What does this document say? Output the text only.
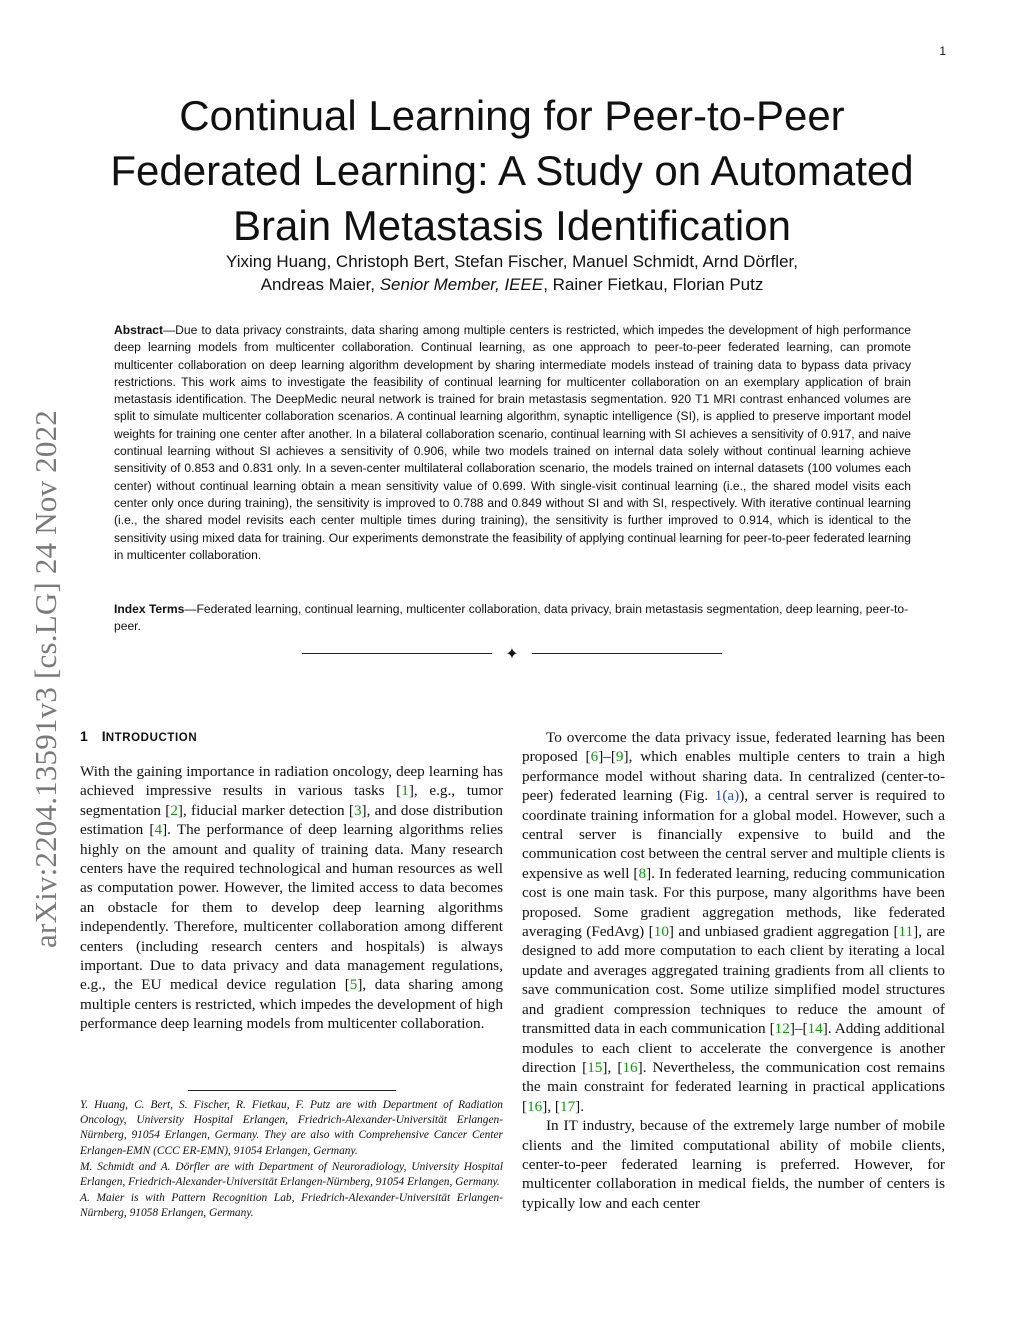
1
arXiv:2204.13591v3 [cs.LG] 24 Nov 2022
Continual Learning for Peer-to-Peer Federated Learning: A Study on Automated Brain Metastasis Identification
Yixing Huang, Christoph Bert, Stefan Fischer, Manuel Schmidt, Arnd Dörfler,
Andreas Maier, Senior Member, IEEE, Rainer Fietkau, Florian Putz
Abstract—Due to data privacy constraints, data sharing among multiple centers is restricted, which impedes the development of high performance deep learning models from multicenter collaboration. Continual learning, as one approach to peer-to-peer federated learning, can promote multicenter collaboration on deep learning algorithm development by sharing intermediate models instead of training data to bypass data privacy restrictions. This work aims to investigate the feasibility of continual learning for multicenter collaboration on an exemplary application of brain metastasis identification. The DeepMedic neural network is trained for brain metastasis segmentation. 920 T1 MRI contrast enhanced volumes are split to simulate multicenter collaboration scenarios. A continual learning algorithm, synaptic intelligence (SI), is applied to preserve important model weights for training one center after another. In a bilateral collaboration scenario, continual learning with SI achieves a sensitivity of 0.917, and naive continual learning without SI achieves a sensitivity of 0.906, while two models trained on internal data solely without continual learning achieve sensitivity of 0.853 and 0.831 only. In a seven-center multilateral collaboration scenario, the models trained on internal datasets (100 volumes each center) without continual learning obtain a mean sensitivity value of 0.699. With single-visit continual learning (i.e., the shared model visits each center only once during training), the sensitivity is improved to 0.788 and 0.849 without SI and with SI, respectively. With iterative continual learning (i.e., the shared model revisits each center multiple times during training), the sensitivity is further improved to 0.914, which is identical to the sensitivity using mixed data for training. Our experiments demonstrate the feasibility of applying continual learning for peer-to-peer federated learning in multicenter collaboration.
Index Terms—Federated learning, continual learning, multicenter collaboration, data privacy, brain metastasis segmentation, deep learning, peer-to-peer.
✦
1 INTRODUCTION

With the gaining importance in radiation oncology, deep learning has achieved impressive results in various tasks [1], e.g., tumor segmentation [2], fiducial marker detection [3], and dose distribution estimation [4]. The performance of deep learning algorithms relies highly on the amount and quality of training data. Many research centers have the required technological and human resources as well as computation power. However, the limited access to data becomes an obstacle for them to develop deep learning algorithms independently. Therefore, multicenter collaboration among different centers (including research centers and hospitals) is always important. Due to data privacy and data management regulations, e.g., the EU medical device regulation [5], data sharing among multiple centers is restricted, which impedes the development of high performance deep learning models from multicenter collaboration.

Y. Huang, C. Bert, S. Fischer, R. Fietkau, F. Putz are with Department of Radiation Oncology, University Hospital Erlangen, Friedrich-Alexander-Universität Erlangen-Nürnberg, 91054 Erlangen, Germany. They are also with Comprehensive Cancer Center Erlangen-EMN (CCC ER-EMN), 91054 Erlangen, Germany.

M. Schmidt and A. Dörfler are with Department of Neuroradiology, University Hospital Erlangen, Friedrich-Alexander-Universität Erlangen-Nürnberg, 91054 Erlangen, Germany.

A. Maier is with Pattern Recognition Lab, Friedrich-Alexander-Universität Erlangen-Nürnberg, 91058 Erlangen, Germany.

To overcome the data privacy issue, federated learning has been proposed [6]–[9], which enables multiple centers to train a high performance model without sharing data. In centralized (center-to-peer) federated learning (Fig. 1(a)), a central server is required to coordinate training information for a global model. However, such a central server is financially expensive to build and the communication cost between the central server and multiple clients is expensive as well [8]. In federated learning, reducing communication cost is one main task. For this purpose, many algorithms have been proposed. Some gradient aggregation methods, like federated averaging (FedAvg) [10] and unbiased gradient aggregation [11], are designed to add more computation to each client by iterating a local update and averages aggregated training gradients from all clients to save communication cost. Some utilize simplified model structures and gradient compression techniques to reduce the amount of transmitted data in each communication [12]–[14]. Adding additional modules to each client to accelerate the convergence is another direction [15], [16]. Nevertheless, the communication cost remains the main constraint for federated learning in practical applications [16], [17].

In IT industry, because of the extremely large number of mobile clients and the limited computational ability of mobile clients, center-to-peer federated learning is preferred. However, for multicenter collaboration in medical fields, the number of centers is typically low and each center
